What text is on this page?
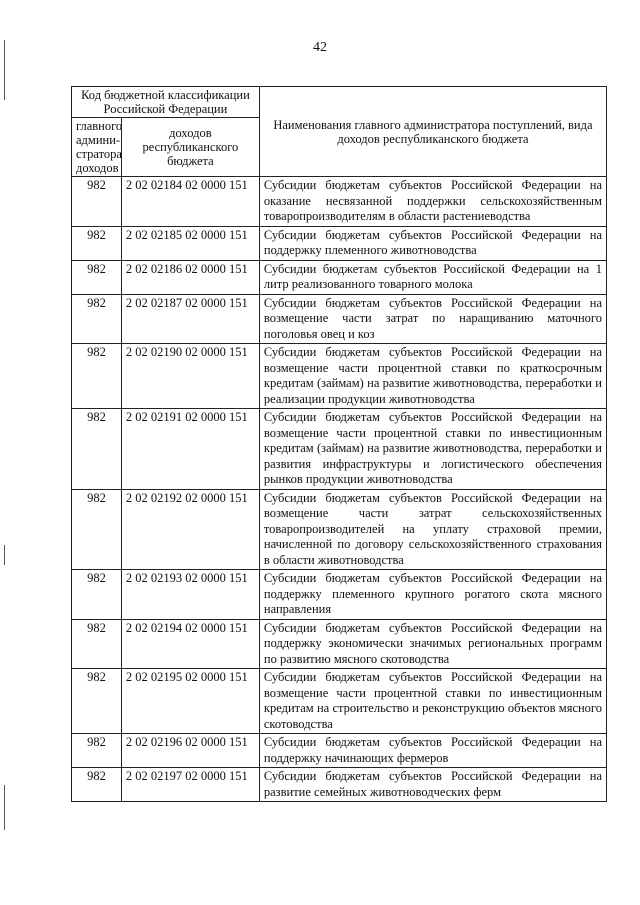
42
Код бюджетной классификации Российской Федерации		Наименования главного администратора поступлений, вида доходов республиканского бюджета
главного админи-стратора доходов	доходов республиканского бюджета	
982	2 02 02184 02 0000 151	Субсидии бюджетам субъектов Российской Федерации на оказание несвязанной поддержки сельскохозяйственным товаропроизводителям в области растениеводства
982	2 02 02185 02 0000 151	Субсидии бюджетам субъектов Российской Федерации на поддержку племенного животноводства
982	2 02 02186 02 0000 151	Субсидии бюджетам субъектов Российской Федерации на 1 литр реализованного товарного молока
982	2 02 02187 02 0000 151	Субсидии бюджетам субъектов Российской Федерации на возмещение части затрат по наращиванию маточного поголовья овец и коз
982	2 02 02190 02 0000 151	Субсидии бюджетам субъектов Российской Федерации на возмещение части процентной ставки по краткосрочным кредитам (займам) на развитие животноводства, переработки и реализации продукции животноводства
982	2 02 02191 02 0000 151	Субсидии бюджетам субъектов Российской Федерации на возмещение части процентной ставки по инвестиционным кредитам (займам) на развитие животноводства, переработки и развития инфраструктуры и логистического обеспечения рынков продукции животноводства
982	2 02 02192 02 0000 151	Субсидии бюджетам субъектов Российской Федерации на возмещение части затрат сельскохозяйственных товаропроизводителей на уплату страховой премии, начисленной по договору сельскохозяйственного страхования в области животноводства
982	2 02 02193 02 0000 151	Субсидии бюджетам субъектов Российской Федерации на поддержку племенного крупного рогатого скота мясного направления
982	2 02 02194 02 0000 151	Субсидии бюджетам субъектов Российской Федерации на поддержку экономически значимых региональных программ по развитию мясного скотоводства
982	2 02 02195 02 0000 151	Субсидии бюджетам субъектов Российской Федерации на возмещение части процентной ставки по инвестиционным кредитам на строительство и реконструкцию объектов мясного скотоводства
982	2 02 02196 02 0000 151	Субсидии бюджетам субъектов Российской Федерации на поддержку начинающих фермеров
982	2 02 02197 02 0000 151	Субсидии бюджетам субъектов Российской Федерации на развитие семейных животноводческих ферм
